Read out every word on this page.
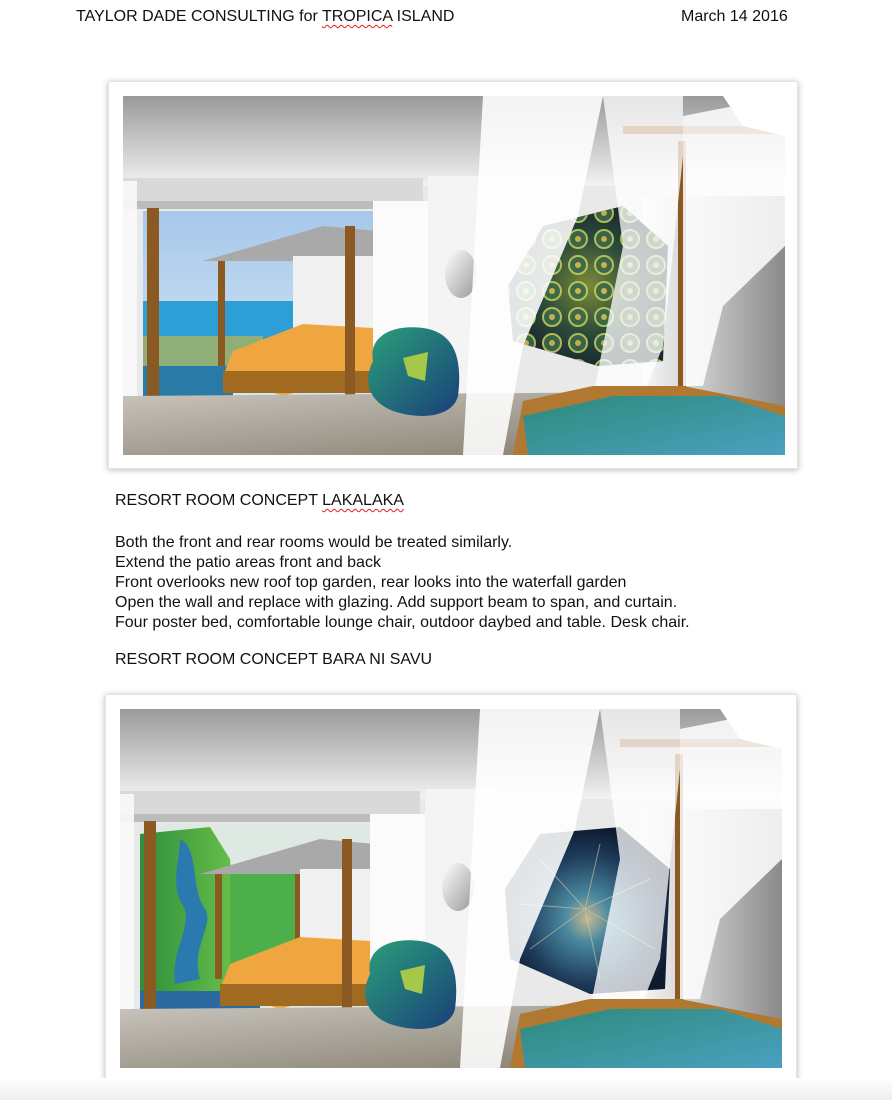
TAYLOR DADE CONSULTING for TROPICA ISLAND	March 14 2016
RESORT ROOM CONCEPT LAKALAKA
Both the front and rear rooms would be treated similarly.
Extend the patio areas front and back
Front overlooks new roof top garden, rear looks into the waterfall garden
Open the wall and replace with glazing. Add support beam to span, and curtain.
Four poster bed, comfortable lounge chair, outdoor daybed and table. Desk chair.
RESORT ROOM CONCEPT BARA NI SAVU
